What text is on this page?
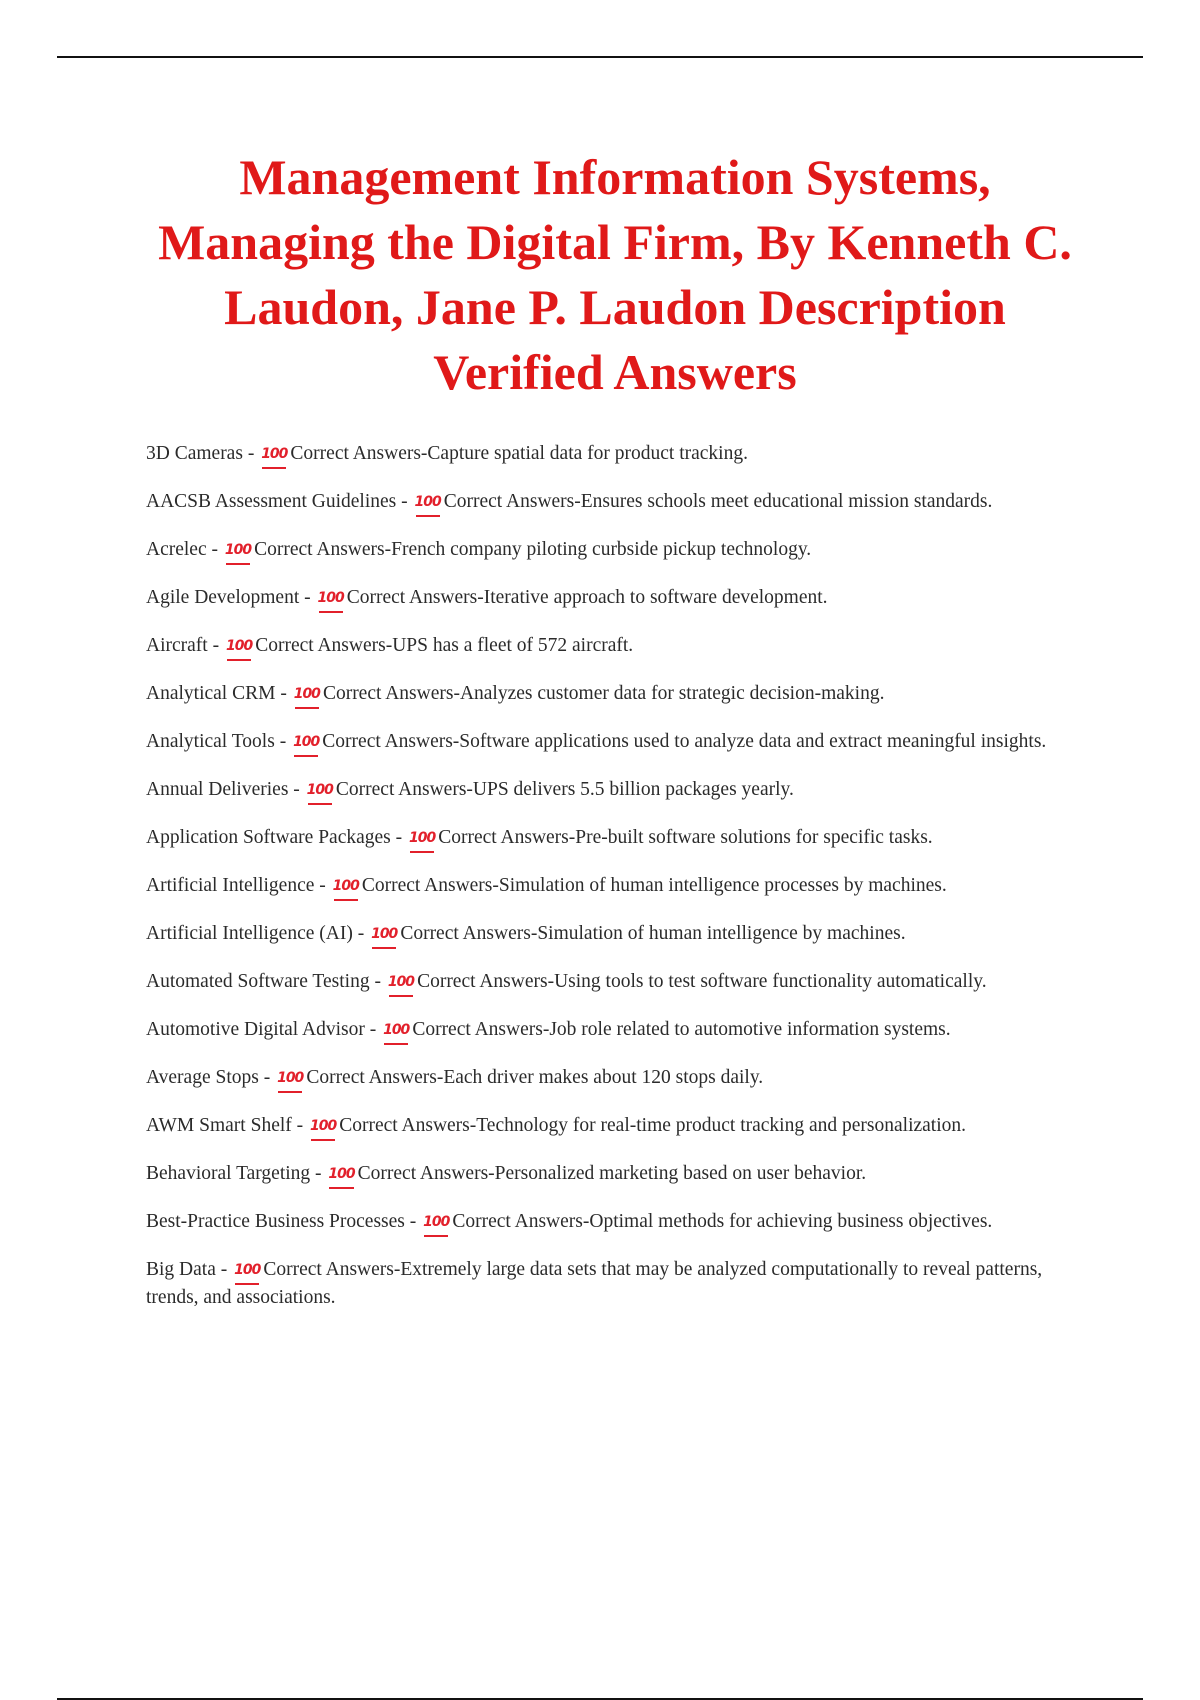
Management Information Systems, Managing the Digital Firm, By Kenneth C. Laudon, Jane P. Laudon Description Verified Answers

3D Cameras - 100 Correct Answers-Capture spatial data for product tracking.

AACSB Assessment Guidelines - 100 Correct Answers-Ensures schools meet educational mission standards.

Acrelec - 100 Correct Answers-French company piloting curbside pickup technology.

Agile Development - 100 Correct Answers-Iterative approach to software development.

Aircraft - 100 Correct Answers-UPS has a fleet of 572 aircraft.

Analytical CRM - 100 Correct Answers-Analyzes customer data for strategic decision-making.

Analytical Tools - 100 Correct Answers-Software applications used to analyze data and extract meaningful insights.

Annual Deliveries - 100 Correct Answers-UPS delivers 5.5 billion packages yearly.

Application Software Packages - 100 Correct Answers-Pre-built software solutions for specific tasks.

Artificial Intelligence - 100 Correct Answers-Simulation of human intelligence processes by machines.

Artificial Intelligence (AI) - 100 Correct Answers-Simulation of human intelligence by machines.

Automated Software Testing - 100 Correct Answers-Using tools to test software functionality automatically.

Automotive Digital Advisor - 100 Correct Answers-Job role related to automotive information systems.

Average Stops - 100 Correct Answers-Each driver makes about 120 stops daily.

AWM Smart Shelf - 100 Correct Answers-Technology for real-time product tracking and personalization.

Behavioral Targeting - 100 Correct Answers-Personalized marketing based on user behavior.

Best-Practice Business Processes - 100 Correct Answers-Optimal methods for achieving business objectives.

Big Data - 100 Correct Answers-Extremely large data sets that may be analyzed computationally to reveal patterns, trends, and associations.
